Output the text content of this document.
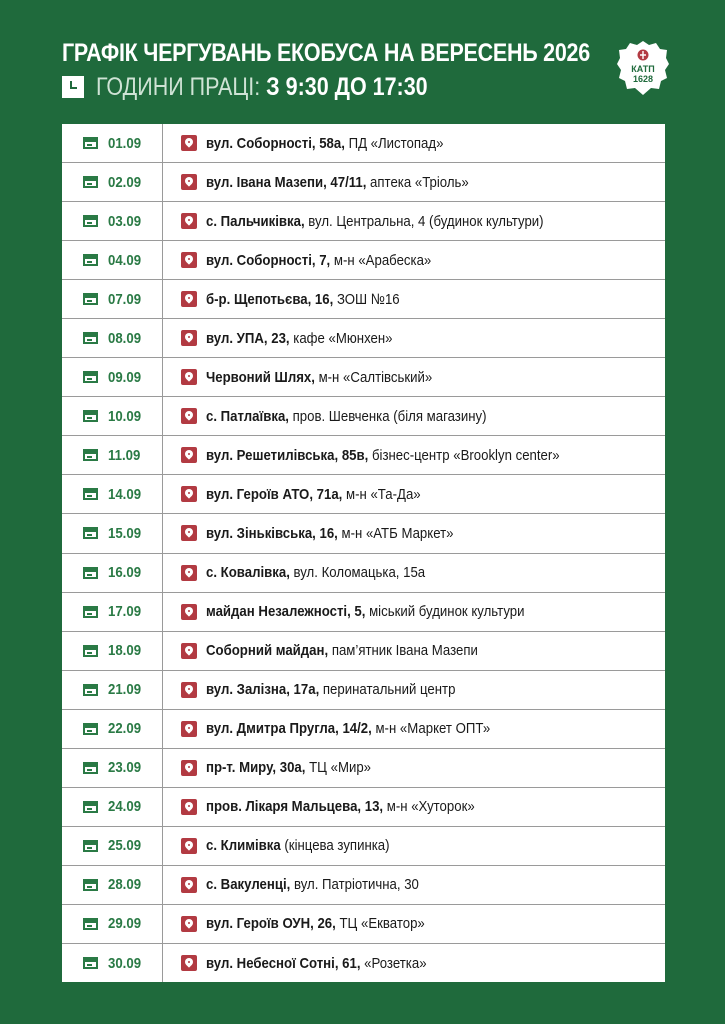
ГРАФІК ЧЕРГУВАНЬ ЕКОБУСА НА ВЕРЕСЕНЬ 2026
ГОДИНИ ПРАЦІ: З 9:30 ДО 17:30
КАТП
1628
01.09	вул. Соборності, 58а, ПД «Листопад»
02.09	вул. Івана Мазепи, 47/11, аптека «Тріоль»
03.09	с. Пальчиківка, вул. Центральна, 4 (будинок культури)
04.09	вул. Соборності, 7, м-н «Арабеска»
07.09	б-р. Щепотьєва, 16, ЗОШ №16
08.09	вул. УПА, 23, кафе «Мюнхен»
09.09	Червоний Шлях, м-н «Салтівський»
10.09	с. Патлаївка, пров. Шевченка (біля магазину)
11.09	вул. Решетилівська, 85в, бізнес-центр «Brooklyn center»
14.09	вул. Героїв АТО, 71а, м-н «Та-Да»
15.09	вул. Зіньківська, 16, м-н «АТБ Маркет»
16.09	с. Ковалівка, вул. Коломацька, 15а
17.09	майдан Незалежності, 5, міський будинок культури
18.09	Соборний майдан, пам’ятник Івана Мазепи
21.09	вул. Залізна, 17а, перинатальний центр
22.09	вул. Дмитра Пругла, 14/2, м-н «Маркет ОПТ»
23.09	пр-т. Миру, 30а, ТЦ «Мир»
24.09	пров. Лікаря Мальцева, 13, м-н «Хуторок»
25.09	с. Климівка (кінцева зупинка)
28.09	с. Вакуленці, вул. Патріотична, 30
29.09	вул. Героїв ОУН, 26, ТЦ «Екватор»
30.09	вул. Небесної Сотні, 61, «Розетка»
